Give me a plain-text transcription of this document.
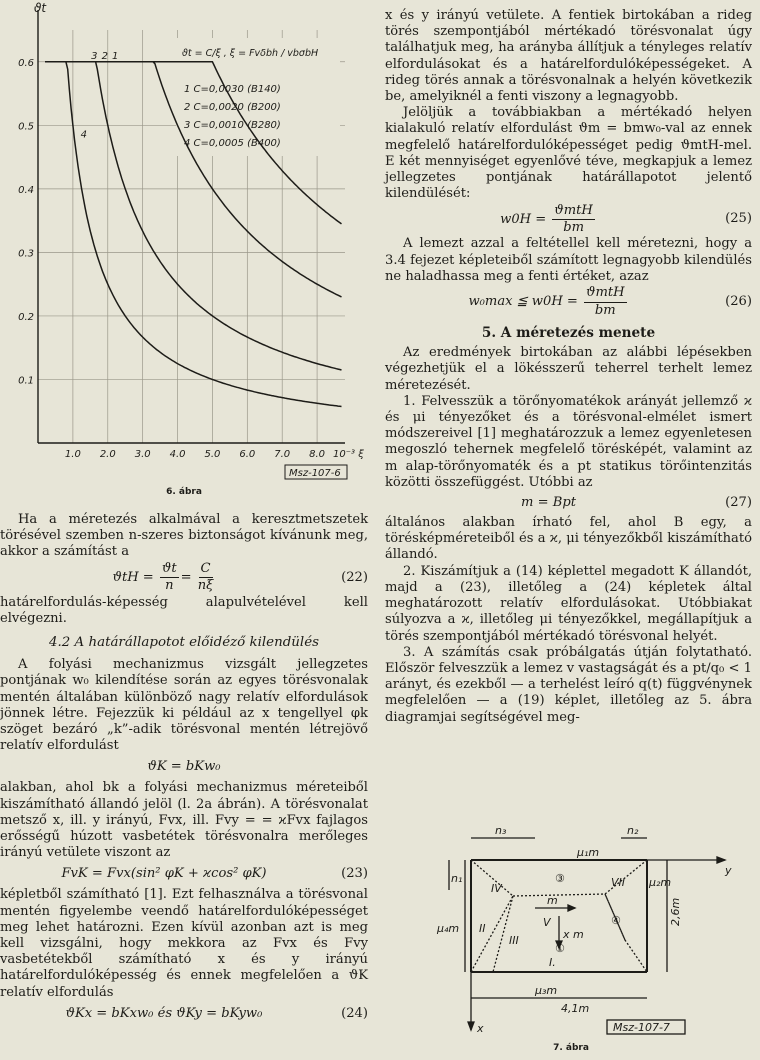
0.6
0.5
0.4
0.3
0.2
0.1
1.0 2.0 3.0 4.0 5.0 6.0 7.0 8.0
ϑt
10⁻³ ξ
ϑt = C/ξ , ξ = Fvδbh / vbσbH
1 C=0,0030 (B140)
2 C=0,0020 (B200)
3 C=0,0010 (B280)
4 C=0,0005 (B400)
Msz-107-6
6. ábra
1
2
3
4

Ha a méretezés alkalmával a keresztmetszetek törésével szemben n-szeres biztonságot kívánunk meg, akkor a számítást a

$ϑtH = \frac{ϑt}{n} = \frac{C}{n\xi}$	(22)

határelfordulás-képesség alapulvételével kell elvégezni.

4.2 A határállapotot előidéző kilendülés

A folyási mechanizmus vizsgált jellegzetes pontjának w₀ kilendítése során az egyes törésvonalak mentén általában különböző nagy relatív elfordulások jönnek létre. Fejezzük ki például az x tengellyel φk szöget bezáró „k”-adik törésvonal mentén létrejövő relatív elfordulást

ϑK = bKw₀

alakban, ahol bk a folyási mechanizmus méreteiből kiszámítható állandó jelöl (l. 2a ábrán). A törésvonalat metsző x, ill. y irányú, Fvx, ill. Fvy = = ϰFvx fajlagos erősségű húzott vasbetétek törésvonalra merőleges irányú vetülete viszont az

FvK = Fvx(sin² φK + ϰcos² φK)	(23)

képletből számítható [1]. Ezt felhasználva a törésvonal mentén figyelembe veendő határelfordulóképességet meg lehet határozni. Ezen kívül azonban azt is meg kell vizsgálni, hogy mekkora az Fvx és Fvy vasbetétekből számítható x és y irányú határelfordulóképesség és ennek megfelelően a ϑK relatív elfordulás

ϑKx = bKxw₀ és ϑKy = bKyw₀	(24)

x és y irányú vetülete. A fentiek birtokában a rideg törés szempontjából mértékadó törésvonalat úgy találhatjuk meg, ha arányba állítjuk a tényleges relatív elfordulásokat és a határelfordulóképességeket. A rideg törés annak a törésvonalnak a helyén következik be, amelyiknél a fenti viszony a legnagyobb.

Jelöljük a továbbiakban a mértékadó helyen kialakuló relatív elfordulást ϑm = bmw₀-val az ennek megfelelő határelfordulóképességet pedig ϑmtH-mel. E két mennyiséget egyenlővé téve, megkapjuk a lemez jellegzetes pontjának határállapotot jelentő kilendülését:

$w0H = \frac{\text{ϑmtH}}{bm}$	(25)

A lemezt azzal a feltétellel kell méretezni, hogy a 3.4 fejezet képleteiből számított legnagyobb kilendülés ne haladhassa meg a fenti értéket, azaz

w₀max ≦ $w0H = \frac{\text{ϑmtH}}{bm}$	(26)
5. A méretezés menete

Az eredmények birtokában az alábbi lépésekben végezhetjük el a lökésszerű teherrel terhelt lemez méretezését.

1. Felvesszük a törőnyomatékok arányát jellemző ϰ és μi tényezőket és a törésvonal-elmélet ismert módszereivel [1] meghatározzuk a lemez egyenletesen megoszló tehernek megfelelő törésképét, valamint az m alap-törőnyomaték és a pt statikus törőintenzitás közötti összefüggést. Utóbbi az

m = Bpt	(27)

általános alakban írható fel, ahol B egy, a törésképméreteiből és a ϰ, μi tényezőkből kiszámítható állandó.

2. Kiszámítjuk a (14) képlettel megadott K állandót, majd a (23), illetőleg a (24) képletek által meghatározott relatív elfordulásokat. Utóbbiakat súlyozva a ϰ, illetőleg μi tényezőkkel, megállapítjuk a törés szempontjából mértékadó törésvonal helyét.

3. A számítás csak próbálgatás útján folytatható. Először felveszzük a lemez v vastagságát és a pt/q₀ < 1 arányt, és ezekből — a terhelést leíró q(t) függvénynek megfelelően — a (19) képlet, illetőleg az 5. ábra diagramjai segítségével meg-

n₃
μ₁m
n₂
n₁	μ₂m
μ₄m
μ₃m
m
x m
y
x
IV	VII
II	V
III
I.
③
④
①
2,6m
4,1m
Msz-107-7
7. ábra
